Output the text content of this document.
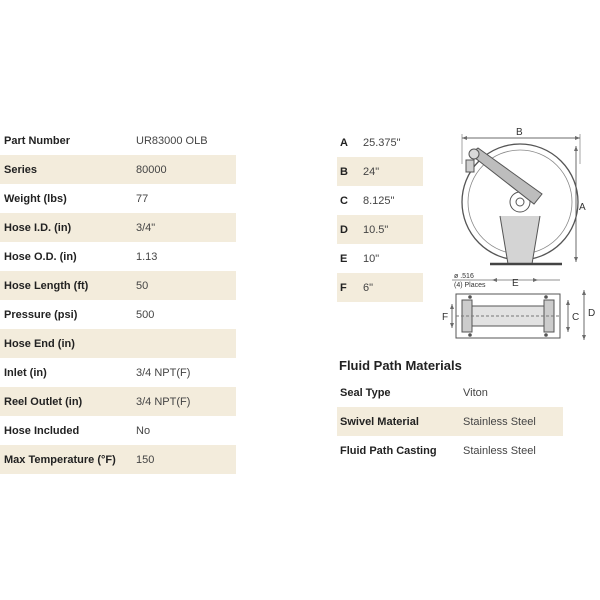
Part Number	UR83000 OLB
Series	80000
Weight (lbs)	77
Hose I.D. (in)	3/4"
Hose O.D. (in)	1.13
Hose Length (ft)	50
Pressure (psi)	500
Hose End (in)
Inlet (in)	3/4 NPT(F)
Reel Outlet (in)	3/4 NPT(F)
Hose Included	No
Max Temperature (°F)	150
A	25.375"
B	24"
C	8.125"
D	10.5"
E	10"
F	6"
B
A
E
F	C D
ø .516
(4) Places
Fluid Path Materials
Seal Type	Viton
Swivel Material	Stainless Steel
Fluid Path Casting	Stainless Steel
